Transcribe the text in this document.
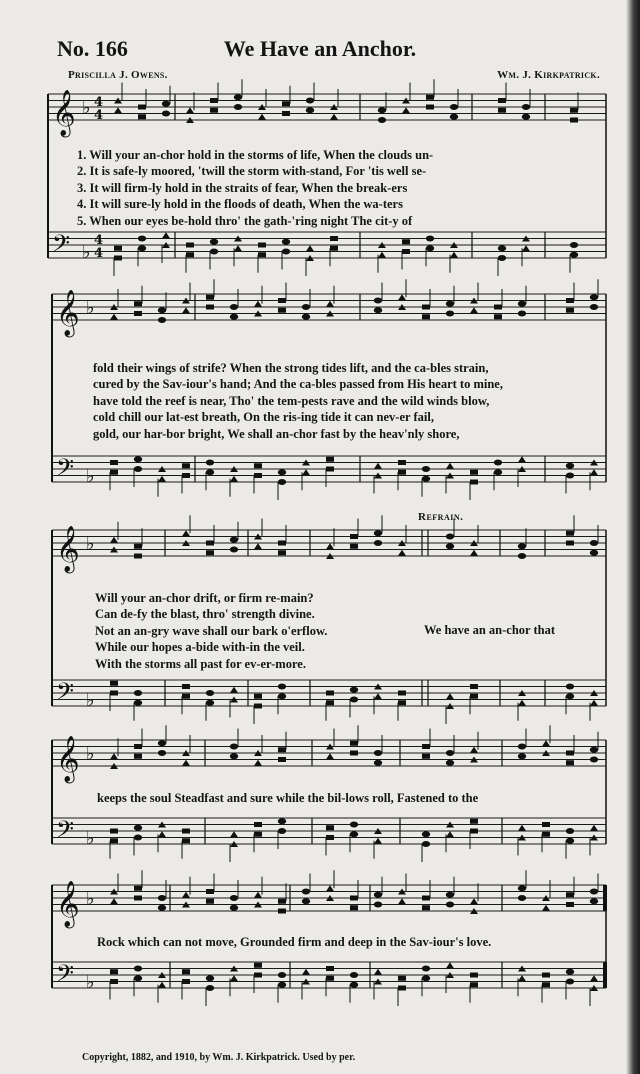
No. 166	We Have an Anchor.
Priscilla J. Owens.	Wm. J. Kirkpatrick.
𝄞 ♭ 4
4
𝄢 ♭
4
4
𝄞 ♭
𝄢 ♭
𝄞 ♭
𝄢 ♭
𝄞 ♭
𝄢 ♭
𝄞 ♭
𝄢 ♭
1. Will your an-chor hold in the storms of life, When the clouds un-
2. It is safe-ly moored, 'twill the storm with-stand, For 'tis well se-
3. It will firm-ly hold in the straits of fear, When the break-ers
4. It will sure-ly hold in the floods of death, When the wa-ters
5. When our eyes be-hold thro' the gath-'ring night The cit-y of
fold their wings of strife? When the strong tides lift, and the ca-bles strain,
cured by the Sav-iour's hand; And the ca-bles passed from His heart to mine,
have told the reef is near, Tho' the tem-pests rave and the wild winds blow,
cold chill our lat-est breath, On the ris-ing tide it can nev-er fail,
gold, our har-bor bright, We shall an-chor fast by the heav'nly shore,
Refrain.
Will your an-chor drift, or firm re-main?
Can de-fy the blast, thro' strength divine.
Not an an-gry wave shall our bark o'erflow.
While our hopes a-bide with-in the veil.
With the storms all past for ev-er-more.
We have an an-chor that
keeps the soul Steadfast and sure while the bil-lows roll, Fastened to the
Rock which can not move, Grounded firm and deep in the Sav-iour's love.
Copyright, 1882, and 1910, by Wm. J. Kirkpatrick. Used by per.
